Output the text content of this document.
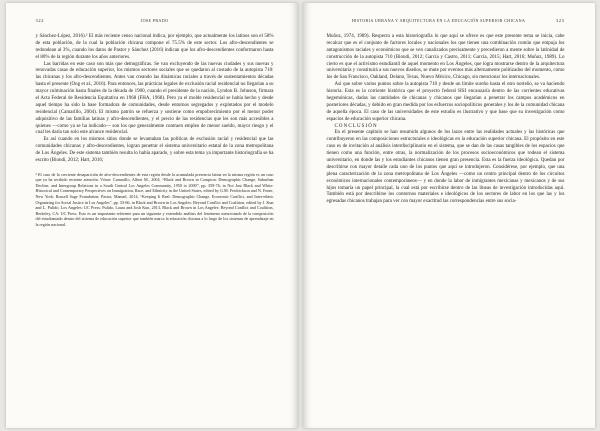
322	JOSE PRADO

y Sánchez-López, 2016).² El más reciente censo nacional indica, por ejemplo, que actualmente los latinos son el 58% de esta población, de la cual la población chicana compone el 75.5% de este sector. Los afro-descendientes se redondean al 3%, cuando los datos de Pastor y Sánchez (2016) indican que los afro-descendientes conformaron hasta el 80% de la región durante los años anteriores.

Las barridas en este caso son más que demográficas. Se van excluyendo de las nuevas ciudades y sus nuevas y renovadas casas de educación superior, los mismos sectores sociales que se quedaron al costado de la autopista 710: las chicanas y los afro-descendientes. Antes van creando las dinámicas raciales a través de sustentamientos décadas hasta el presente (Ong et al., 2016). Para entonces, las prácticas legales de exclusión racial residencial no llegarían a su mayor culminación hasta finales de la década de 1900, cuando el presidente de la nación, Lyndon B. Johnson, firmara el Acta Federal de Residencia Equitativa en 1968 (FHA, 1968). Pero ya el molde residencial se había hecho y desde aquel tiempo ha sido la base formadora de comunidades, desde entornos segregados y explotados por el modelo residencial (Camarillo, 2004). El mismo patrón se refuerza y sostiene como empobrecimiento por el menor poder adquisitivo de las familias latinas y afro-descendientes, y el precio de las residencias que les son más accesibles a quienes —como ya se ha indicado— son los que generalmente contraen empleo de menor sueldo, mayor riesgo y el cual les daría tan solo este alcance residencial.

Es así cuando en los mismos sitios donde se levantaban las políticas de exclusión racial y residencial que las comunidades chicanas y afro-descendientes, logran penetrar el sistema universitario estatal de la zona metropolitana de Los Ángeles. De este sistema también resulta lo había aparado, y sobre esta tema ya importante historiografía se ha escrito (Biondi, 2012; Hart, 2016;

² El caso de la creciente desaparición de afro-descendientes de esta región desde la acumulada presencia latina en la misma región es un caso que ya ha recibido reciente atención. Véase: Camarillo, Albert M., 2004, “Black and Brown in Compton: Demographic Change, Suburban Decline, and Intergroup Relations in a South Central Los Angeles Community, 1950 to 2000”, pp. 358-76, in Not Just Black and White: Historical and Contemporary Perspectives on Immigration, Race, and Ethnicity in the United States, edited by G.M. Fredrickson and N. Foner, New York: Russell Sage Foundation; Pastor, Manuel, 2014, “Keeping It Real: Demographic Change, Economic Conflict, and Inter-ethnic Organizing for Social Justice in Los Angeles”, pp. 33-66, in Black and Brown in Los Angeles: Beyond Conflict and Coalition, edited by J. Kun and L. Pulido, Los Angeles: UC Press; Pulido, Laura and Josh Kun, 2013, Black and Brown in Los Angeles: Beyond Conflict and Coalition, Berkeley, CA: UC Press. Esto es un importante referente para un siguiente y extendido análisis del fenómeno mencionado de la composición del estudiantado dentro del sistema de educación superior que también marca la educación chicana a lo largo de los sistemas de aprendizaje en la región nacional.
HISTORIA URBANA Y ARQUITECTURA EN LA EDUCACIÓN SUPERIOR CHICANA	323

Muñoz, 1974, 1989). Respecto a esta historiografía lo que aquí se ofrece es que este presente tema se inicia, cabe recalcar que es el conjunto de factores locales y nacionales los que tienen una combinación común que empuja los antagonismos raciales y económicos que se ven canalizados precisamente y precedieron a mente sobre la latinidad de construcción de la autopista 710 (Biondi, 2012; García y Castro, 2011; García, 2015; Hart, 2016; Muñoz, 1989). Lo cierto es que el activismo estudiantil de aquel momento en Los Ángeles, que logra mostrarse dentro de la arquitectura universitaria y constituirá a sus nuevos diseños, se mute por eventos más alternamente politizados del momento, como los de San Francisco, Oakland, Delano, Texas, Nuevo México, Chicago, sin mencionar los internacionales.

Así que sobre varios puntos sobre la autopista 710 y desde un límite sureño hasta el otro norteño, se va haciendo historia. Esta es la corriente histórica que el proyecto federal HSI encauzaría dentro de las corrientes educativas hegemónicas, dadas las cantidades de chicanas y chicanos que llegarían a penetrar los campos académicos en posteriores décadas, y debido en gran medida por los esfuerzos sociopolíticos generales y los de la comunidad chicana de aquella época. El caso de las universidades de este estudio es ilustrativo y que base que su investigación como espacios de educación superior chicana.

CONCLUSIÓN

En el presente capítulo se han resumido algunos de los lazos entre las realidades actuales y las históricas que contribuyeron en las composiciones estructurales e ideológicas en la educación superior chicana. El propósito en este caso es de invitación al análisis interdisciplinario en el sistema, que se dan de las casas tangibles de los espacios que tienen como una función, entre otras, la normalización de los procesos socioeconómicos que rodean el sistema universitario, en donde las y los estudiantes chicanos tienen gran presencia. Esta es la fuerza ideológica. Quedan por describirse con mayor detalle cada uno de los puntos que aquí se introdujeron. Considérese, por ejemplo, que una plena caracterización de la zona metropolitana de Los Ángeles —como un centro principal dentro de los circuitos económicos internacionales contemporáneos— y en donde la labor de inmigrantes mexicanas y mexicanos y de sus hijos tomaría un papel principal, la cual está por escribirse dentro de las líneas de investigación introducidas aquí. También está por describirse los contornos materiales e ideológicos de los sectores de labor en los que las y los egresadas chicanos trabajan para ver con mayor exactitud las correspondencias entre sus socia-
